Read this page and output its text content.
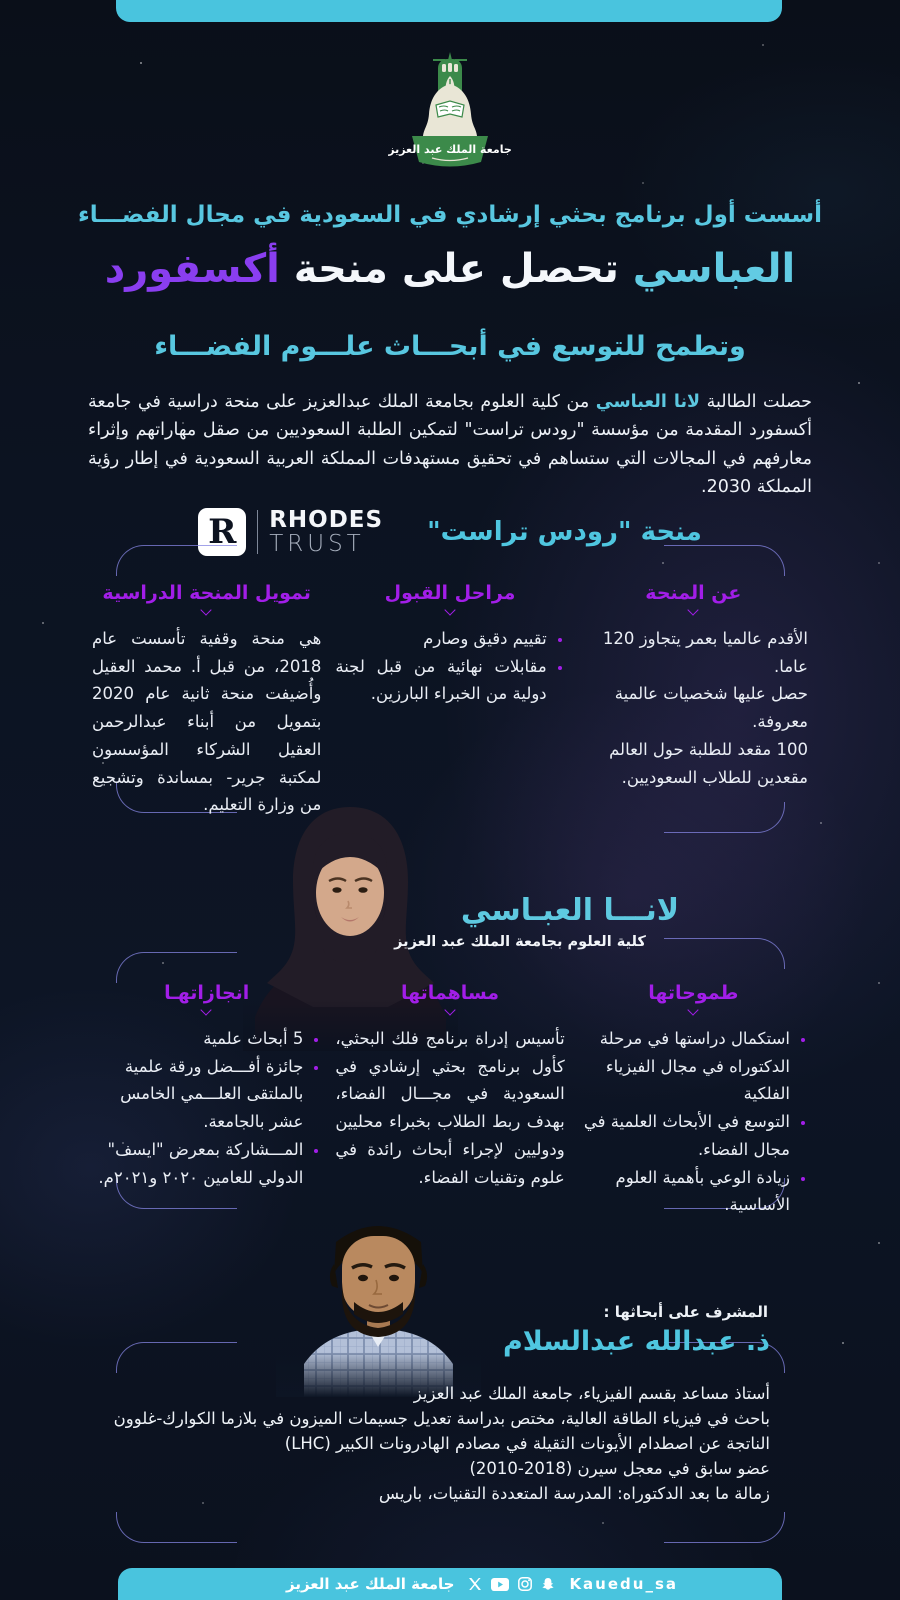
جامعة الملك عبد العزيز
أسست أول برنامج بحثي إرشادي في السعودية في مجال الفضـــاء
العباسي تحصل على منحة أكسفورد
وتطمح للتوسع في أبحـــاث علـــوم الفضـــاء
حصلت الطالبة لانا العباسي من كلية العلوم بجامعة الملك عبدالعزيز على منحة دراسية في جامعة أكسفورد المقدمة من مؤسسة "رودس تراست" لتمكين الطلبة السعوديين من صقل مهاراتهم وإثراء معارفهم في المجالات التي ستساهم في تحقيق مستهدفات المملكة العربية السعودية في إطار رؤية المملكة 2030.
R	RHODES
TRUST	منحة "رودس تراست"
عن المنحة

الأقدم عالميا بعمر يتجاوز 120 عاما.

حصل عليها شخصيات عالمية معروفة.

100 مقعد للطلبة حول العالم مقعدين للطلاب السعوديين.

مراحل القبول
• تقييم دقيق وصارم
• مقابلات نهائية من قبل لجنة دولية من الخبراء البارزين.
تمويل المنحة الدراسية

هي منحة وقفية تأسست عام 2018، من قبل أ. محمد العقيل وأُضيفت منحة ثانية عام 2020 بتمويل من أبناء عبدالرحمن العقيل الشركاء المؤسسون لمكتبة جرير- بمساندة وتشجيع من وزارة التعليم.

لانـــا العبـاسي
كلية العلوم بجامعة الملك عبد العزيز
طموحاتها
• استكمال دراستها في مرحلة الدكتوراه في مجال الفيزياء الفلكية
• التوسع في الأبحاث العلمية في مجال الفضاء.
• زيادة الوعي بأهمية العلوم الأساسية.
مساهماتها

تأسيس إدراة برنامج فلك البحثي، كأول برنامج بحثي إرشادي في السعودية في مجـــال الفضاء، بهدف ربط الطلاب بخبراء محليين ودوليين لإجراء أبحاث رائدة في علوم وتقنيات الفضاء.

انجازاتهـا
• 5 أبحاث علمية
• جائزة أفـــضل ورقة علمية بالملتقى العلـــمي الخامس عشر بالجامعة.
• المـــشاركة بمعرض "ايسف" الدولي للعامين ٢٠٢٠ و٢٠٢١م.
المشرف على أبحاثها :
ذ. عبدالله عبدالسلام

أستاذ مساعد بقسم الفيزياء، جامعة الملك عبد العزيز

باحث في فيزياء الطاقة العالية، مختص بدراسة تعديل جسيمات الميزون في بلازما الكوارك-غلوون

الناتجة عن اصطدام الأيونات الثقيلة في مصادم الهادرونات الكبير (LHC)

عضو سابق في معجل سيرن (2018-2010)

زمالة ما بعد الدكتوراه: المدرسة المتعددة التقنيات، باريس

جامعة الملك عبد العزيز	Kauedu_sa
